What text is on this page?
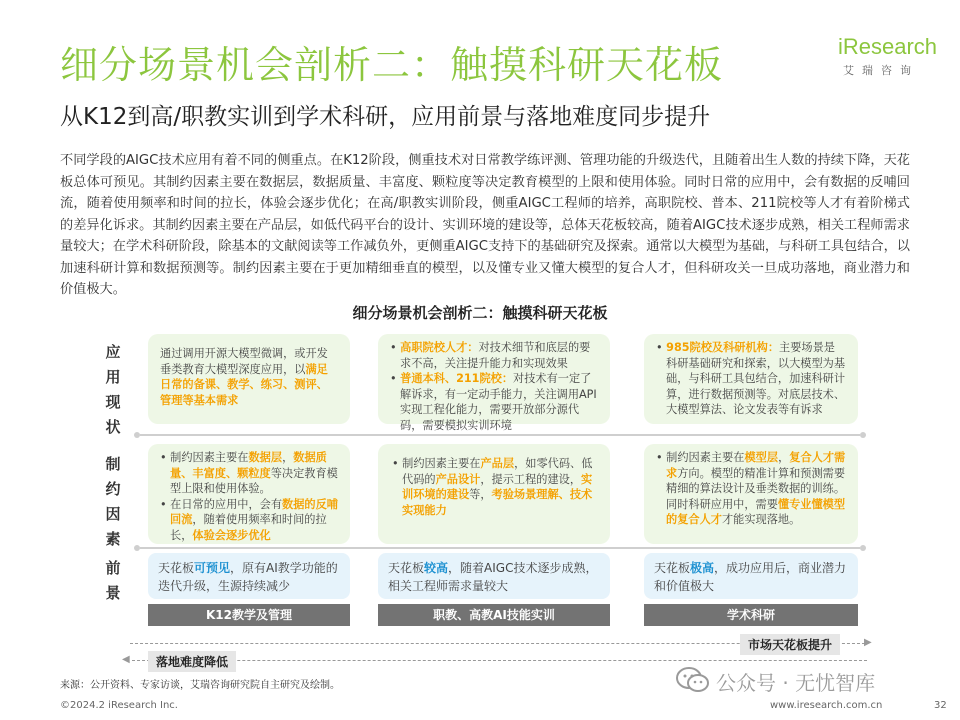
细分场景机会剖析二：触摸科研天花板
从K12到高/职教实训到学术科研，应用前景与落地难度同步提升
iResearch
艾瑞咨询
不同学段的AIGC技术应用有着不同的侧重点。在K12阶段，侧重技术对日常教学练评测、管理功能的升级迭代，且随着出生人数的持续下降，天花板总体可预见。其制约因素主要在数据层，数据质量、丰富度、颗粒度等决定教育模型的上限和使用体验。同时日常的应用中，会有数据的反哺回流，随着使用频率和时间的拉长，体验会逐步优化；在高/职教实训阶段，侧重AIGC工程师的培养，高职院校、普本、211院校等人才有着阶梯式的差异化诉求。其制约因素主要在产品层，如低代码平台的设计、实训环境的建设等，总体天花板较高，随着AIGC技术逐步成熟，相关工程师需求量较大；在学术科研阶段，除基本的文献阅读等工作减负外，更侧重AIGC支持下的基础研究及探索。通常以大模型为基础，与科研工具包结合，以加速科研计算和数据预测等。制约因素主要在于更加精细垂直的模型，以及懂专业又懂大模型的复合人才，但科研攻关一旦成功落地，商业潜力和价值极大。
细分场景机会剖析二：触摸科研天花板
应用现状
制约因素
前景
通过调用开源大模型微调，或开发垂类教育大模型深度应用，以满足日常的备课、教学、练习、测评、管理等基本需求
• 高职院校人才：对技术细节和底层的要求不高，关注提升能力和实现效果
• 普通本科、211院校：对技术有一定了解诉求，有一定动手能力，关注调用API实现工程化能力，需要开放部分源代码，需要模拟实训环境
• 985院校及科研机构：主要场景是科研基础研究和探索，以大模型为基础，与科研工具包结合，加速科研计算，进行数据预测等。对底层技术、大模型算法、论文发表等有诉求
• 制约因素主要在数据层，数据质量、丰富度、颗粒度等决定教育模型上限和使用体验。
• 在日常的应用中，会有数据的反哺回流，随着使用频率和时间的拉长，体验会逐步优化
• 制约因素主要在产品层，如零代码、低代码的产品设计，提示工程的建设，实训环境的建设等，考验场景理解、技术实现能力
• 制约因素主要在模型层，复合人才需求方向。模型的精准计算和预测需要精细的算法设计及垂类数据的训练。同时科研应用中，需要懂专业懂模型的复合人才才能实现落地。
天花板可预见，原有AI教学功能的迭代升级，生源持续减少
天花板较高，随着AIGC技术逐步成熟，相关工程师需求量较大
天花板极高，成功应用后，商业潜力和价值极大
K12教学及管理	职教、高教AI技能实训	学术科研
▶
市场天花板提升
◀	落地难度降低
来源：公开资料、专家访谈，艾瑞咨询研究院自主研究及绘制。
©2024.2 iResearch Inc.	www.iresearch.com.cn	32
公众号 · 无忧智库
